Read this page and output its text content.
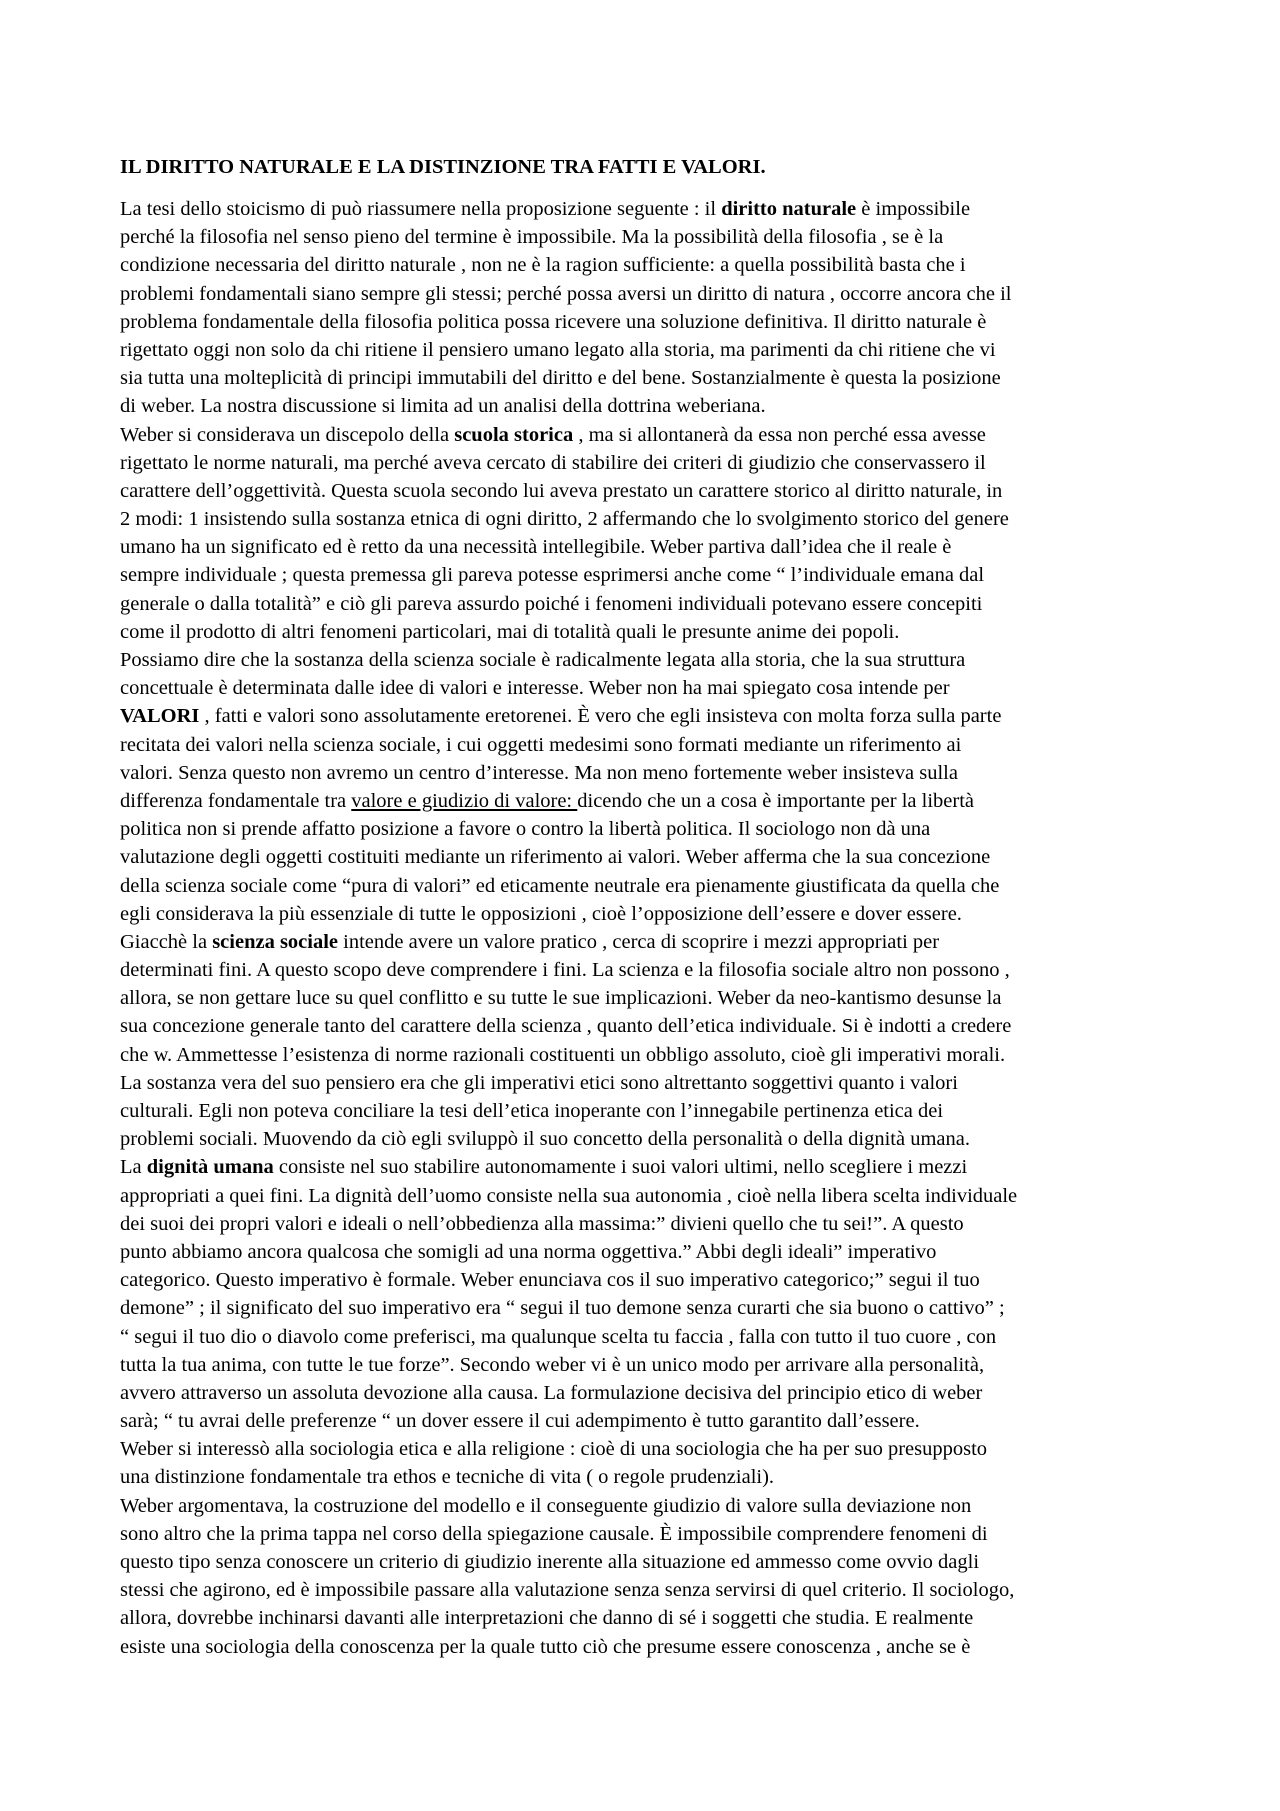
IL DIRITTO NATURALE E LA DISTINZIONE TRA FATTI E VALORI.
La tesi dello stoicismo di può riassumere nella proposizione seguente : il diritto naturale è impossibile
perché la filosofia nel senso pieno del termine è impossibile. Ma la possibilità della filosofia , se è la
condizione necessaria del diritto naturale , non ne è la ragion sufficiente: a quella possibilità basta che i
problemi fondamentali siano sempre gli stessi; perché possa aversi un diritto di natura , occorre ancora che il
problema fondamentale della filosofia politica possa ricevere una soluzione definitiva. Il diritto naturale è
rigettato oggi non solo da chi ritiene il pensiero umano legato alla storia, ma parimenti da chi ritiene che vi
sia tutta una molteplicità di principi immutabili del diritto e del bene. Sostanzialmente è questa la posizione
di weber. La nostra discussione si limita ad un analisi della dottrina weberiana.
Weber si considerava un discepolo della scuola storica , ma si allontanerà da essa non perché essa avesse
rigettato le norme naturali, ma perché aveva cercato di stabilire dei criteri di giudizio che conservassero il
carattere dell’oggettività. Questa scuola secondo lui aveva prestato un carattere storico al diritto naturale, in
2 modi: 1 insistendo sulla sostanza etnica di ogni diritto, 2 affermando che lo svolgimento storico del genere
umano ha un significato ed è retto da una necessità intellegibile. Weber partiva dall’idea che il reale è
sempre individuale ; questa premessa gli pareva potesse esprimersi anche come “ l’individuale emana dal
generale o dalla totalità” e ciò gli pareva assurdo poiché i fenomeni individuali potevano essere concepiti
come il prodotto di altri fenomeni particolari, mai di totalità quali le presunte anime dei popoli.
Possiamo dire che la sostanza della scienza sociale è radicalmente legata alla storia, che la sua struttura
concettuale è determinata dalle idee di valori e interesse. Weber non ha mai spiegato cosa intende per
VALORI , fatti e valori sono assolutamente eretorenei. È vero che egli insisteva con molta forza sulla parte
recitata dei valori nella scienza sociale, i cui oggetti medesimi sono formati mediante un riferimento ai
valori. Senza questo non avremo un centro d’interesse. Ma non meno fortemente weber insisteva sulla
differenza fondamentale tra valore e giudizio di valore: dicendo che un a cosa è importante per la libertà
politica non si prende affatto posizione a favore o contro la libertà politica. Il sociologo non dà una
valutazione degli oggetti costituiti mediante un riferimento ai valori. Weber afferma che la sua concezione
della scienza sociale come “pura di valori” ed eticamente neutrale era pienamente giustificata da quella che
egli considerava la più essenziale di tutte le opposizioni , cioè l’opposizione dell’essere e dover essere.
Giacchè la scienza sociale intende avere un valore pratico , cerca di scoprire i mezzi appropriati per
determinati fini. A questo scopo deve comprendere i fini. La scienza e la filosofia sociale altro non possono ,
allora, se non gettare luce su quel conflitto e su tutte le sue implicazioni. Weber da neo-kantismo desunse la
sua concezione generale tanto del carattere della scienza , quanto dell’etica individuale. Si è indotti a credere
che w. Ammettesse l’esistenza di norme razionali costituenti un obbligo assoluto, cioè gli imperativi morali.
La sostanza vera del suo pensiero era che gli imperativi etici sono altrettanto soggettivi quanto i valori
culturali. Egli non poteva conciliare la tesi dell’etica inoperante con l’innegabile pertinenza etica dei
problemi sociali. Muovendo da ciò egli sviluppò il suo concetto della personalità o della dignità umana.
La dignità umana consiste nel suo stabilire autonomamente i suoi valori ultimi, nello scegliere i mezzi
appropriati a quei fini. La dignità dell’uomo consiste nella sua autonomia , cioè nella libera scelta individuale
dei suoi dei propri valori e ideali o nell’obbedienza alla massima:” divieni quello che tu sei!”. A questo
punto abbiamo ancora qualcosa che somigli ad una norma oggettiva.” Abbi degli ideali” imperativo
categorico. Questo imperativo è formale. Weber enunciava cos il suo imperativo categorico;” segui il tuo
demone” ; il significato del suo imperativo era “ segui il tuo demone senza curarti che sia buono o cattivo” ;
“ segui il tuo dio o diavolo come preferisci, ma qualunque scelta tu faccia , falla con tutto il tuo cuore , con
tutta la tua anima, con tutte le tue forze”. Secondo weber vi è un unico modo per arrivare alla personalità,
avvero attraverso un assoluta devozione alla causa. La formulazione decisiva del principio etico di weber
sarà; “ tu avrai delle preferenze “ un dover essere il cui adempimento è tutto garantito dall’essere.
Weber si interessò alla sociologia etica e alla religione : cioè di una sociologia che ha per suo presupposto
una distinzione fondamentale tra ethos e tecniche di vita ( o regole prudenziali).
Weber argomentava, la costruzione del modello e il conseguente giudizio di valore sulla deviazione non
sono altro che la prima tappa nel corso della spiegazione causale. È impossibile comprendere fenomeni di
questo tipo senza conoscere un criterio di giudizio inerente alla situazione ed ammesso come ovvio dagli
stessi che agirono, ed è impossibile passare alla valutazione senza senza servirsi di quel criterio. Il sociologo,
allora, dovrebbe inchinarsi davanti alle interpretazioni che danno di sé i soggetti che studia. E realmente
esiste una sociologia della conoscenza per la quale tutto ciò che presume essere conoscenza , anche se è
